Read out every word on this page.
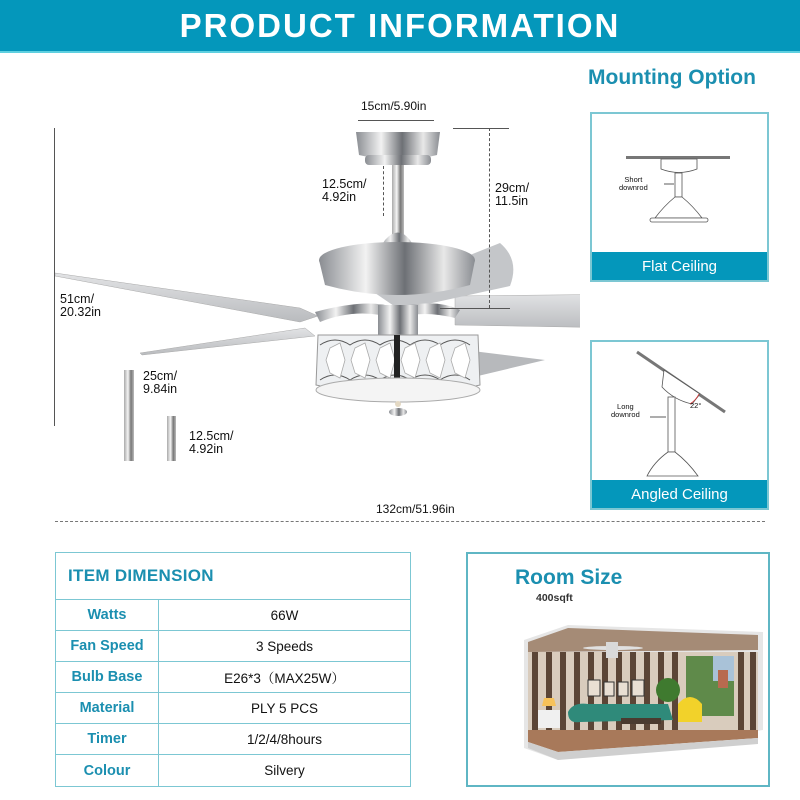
PRODUCT INFORMATION
15cm/5.90in
12.5cm/
4.92in
29cm/
11.5in
51cm/
20.32in
25cm/
9.84in
12.5cm/
4.92in
132cm/51.96in
Mounting Option
Short
downrod
Flat Ceiling
Long
downrod
22°
Angled Ceiling
ITEM DIMENSION
Watts	66W
Fan Speed	3 Speeds
Bulb Base	E26*3（MAX25W）
Material	PLY 5 PCS
Timer	1/2/4/8hours
Colour	Silvery
Room Size
400sqft
